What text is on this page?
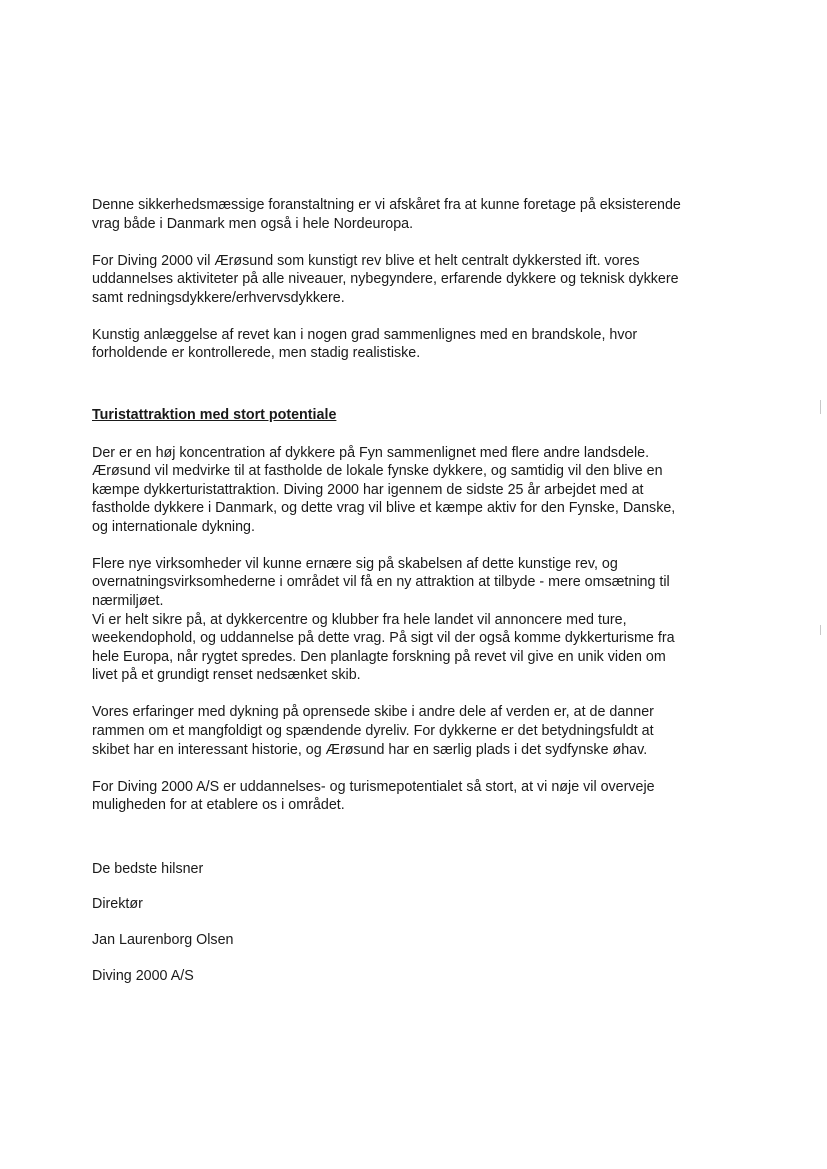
Denne sikkerhedsmæssige foranstaltning er vi afskåret fra at kunne foretage på eksisterende
vrag både i Danmark men også i hele Nordeuropa.

For Diving 2000 vil Ærøsund som kunstigt rev blive et helt centralt dykkersted ift. vores
uddannelses aktiviteter på alle niveauer, nybegyndere, erfarende dykkere og teknisk dykkere
samt redningsdykkere/erhvervsdykkere.

Kunstig anlæggelse af revet kan i nogen grad sammenlignes med en brandskole, hvor
forholdende er kontrollerede, men stadig realistiske.

Turistattraktion med stort potentiale

Der er en høj koncentration af dykkere på Fyn sammenlignet med flere andre landsdele.
Ærøsund vil medvirke til at fastholde de lokale fynske dykkere, og samtidig vil den blive en
kæmpe dykkerturistattraktion. Diving 2000 har igennem de sidste 25 år arbejdet med at
fastholde dykkere i Danmark, og dette vrag vil blive et kæmpe aktiv for den Fynske, Danske,
og internationale dykning.

Flere nye virksomheder vil kunne ernære sig på skabelsen af dette kunstige rev, og
overnatningsvirksomhederne i området vil få en ny attraktion at tilbyde - mere omsætning til
nærmiljøet.
Vi er helt sikre på, at dykkercentre og klubber fra hele landet vil annoncere med ture,
weekendophold, og uddannelse på dette vrag. På sigt vil der også komme dykkerturisme fra
hele Europa, når rygtet spredes. Den planlagte forskning på revet vil give en unik viden om
livet på et grundigt renset nedsænket skib.

Vores erfaringer med dykning på oprensede skibe i andre dele af verden er, at de danner
rammen om et mangfoldigt og spændende dyreliv. For dykkerne er det betydningsfuldt at
skibet har en interessant historie, og Ærøsund har en særlig plads i det sydfynske øhav.

For Diving 2000 A/S er uddannelses- og turismepotentialet så stort, at vi nøje vil overveje
muligheden for at etablere os i området.

De bedste hilsner

Direktør

Jan Laurenborg Olsen

Diving 2000 A/S
